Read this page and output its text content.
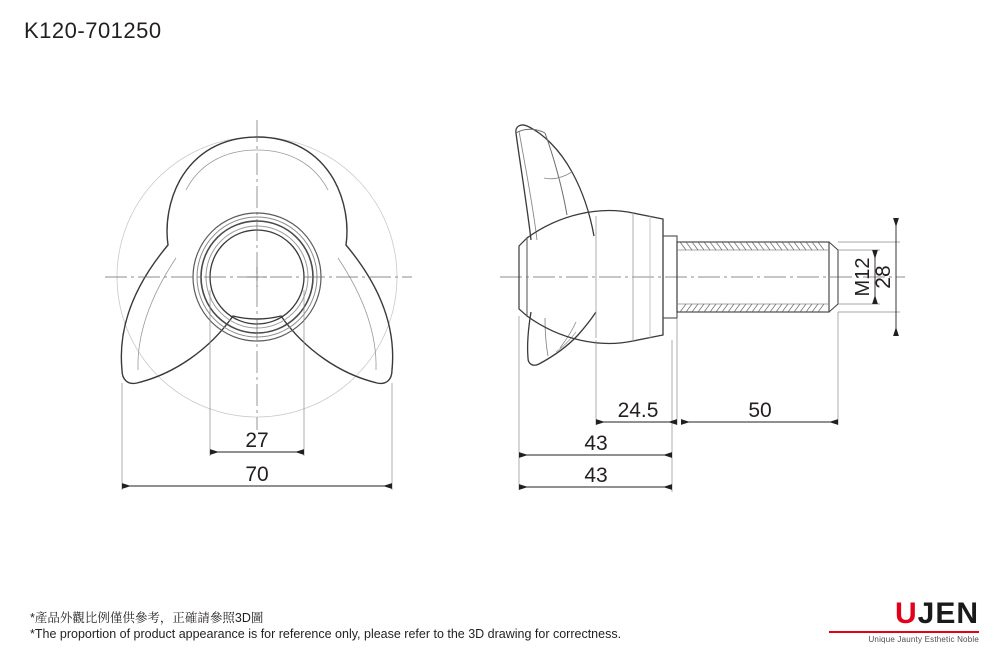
K120-701250
27
70
M12
28
24.5	50
43
43
*產品外觀比例僅供參考，正確請參照3D圖
*The proportion of product appearance is for reference only, please refer to the 3D drawing for correctness.
UJEN
Unique Jaunty Esthetic Noble
